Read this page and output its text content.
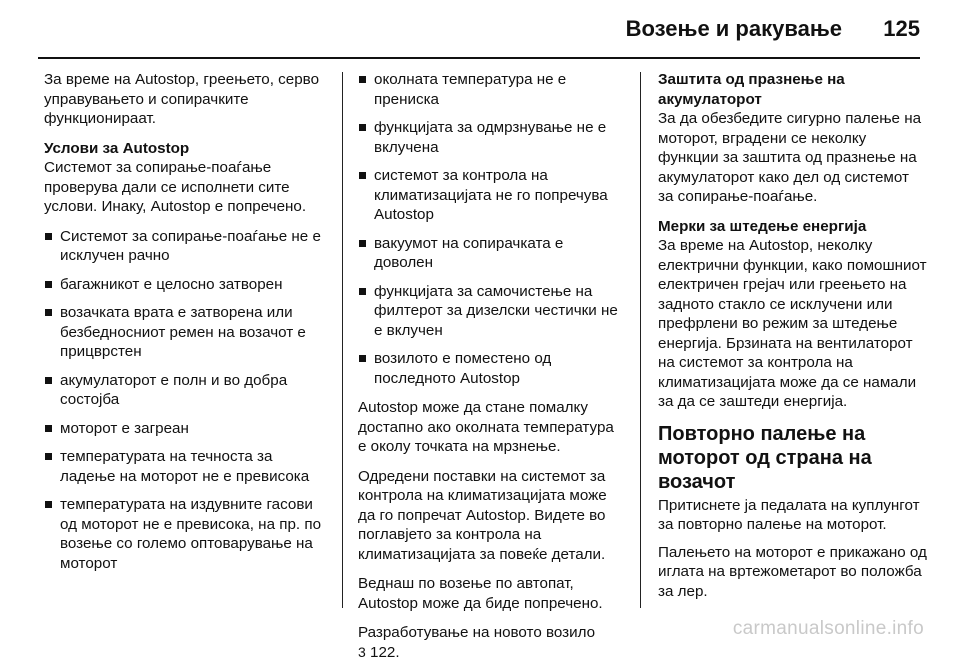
Возење и ракување 125

За време на Autostop, греењето, серво управувањето и сопирачките функционираат.

Услови за Autostop
Системот за сопирање-поаѓање проверува дали се исполнети сите услови. Инаку, Autostop е попречено.

Системот за сопирање-поаѓање не е исклучен рачно
багажникот е целосно затворен
возачката врата е затворена или безбедносниот ремен на возачот е прицврстен
акумулаторот е полн и во добра состојба
моторот е загреан
температурата на течноста за ладење на моторот не е превисока
температурата на издувните гасови од моторот не е превисока, на пр. по возење со големо оптоварување на моторот
околната температура не е прениска
функцијата за одмрзнување не е вклучена
системот за контрола на климатизацијата не го попречува Autostop
вакуумот на сопирачката е доволен
функцијата за самочистење на филтерот за дизелски честички не е вклучен
возилото е поместено од последното Autostop

Autostop може да стане помалку достапно ако околната температура е околу точката на мрзнење.

Одредени поставки на системот за контрола на климатизацијата може да го попречат Autostop. Видете во поглавјето за контрола на климатизацијата за повеќе детали.

Веднаш по возење по автопат, Autostop може да биде попречено.

Разработување на новото возило
3 122.

Заштита од празнење на акумулаторот
За да обезбедите сигурно палење на моторот, вградени се неколку функции за заштита од празнење на акумулаторот како дел од системот за сопирање-поаѓање.

Мерки за штедење енергија
За време на Autostop, неколку електрични функции, како помошниот електричен грејач или греењето на задното стакло се исклучени или префрлени во режим за штедење енергија. Брзината на вентилаторот на системот за контрола на климатизацијата може да се намали за да се заштеди енергија.

Повторно палење на моторот од страна на возачот
Притиснете ја педалата на куплунгот за повторно палење на моторот.

Палењето на моторот е прикажано од иглата на вртежометарот во положба за лер.

carmanualsonline.info
